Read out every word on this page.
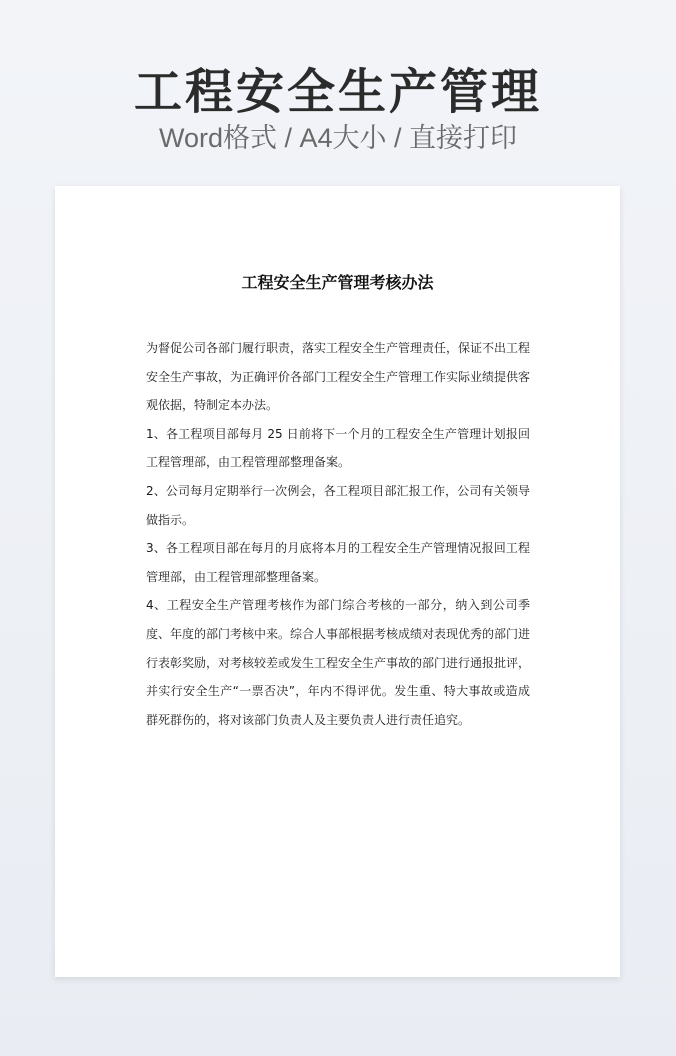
工程安全生产管理
Word格式 / A4大小 / 直接打印
工程安全生产管理考核办法

为督促公司各部门履行职责，落实工程安全生产管理责任，保证不出工程安全生产事故，为正确评价各部门工程安全生产管理工作实际业绩提供客观依据，特制定本办法。

1、各工程项目部每月 25 日前将下一个月的工程安全生产管理计划报回工程管理部，由工程管理部整理备案。

2、公司每月定期举行一次例会，各工程项目部汇报工作，公司有关领导做指示。

3、各工程项目部在每月的月底将本月的工程安全生产管理情况报回工程管理部，由工程管理部整理备案。

4、工程安全生产管理考核作为部门综合考核的一部分，纳入到公司季度、年度的部门考核中来。综合人事部根据考核成绩对表现优秀的部门进行表彰奖励，对考核较差或发生工程安全生产事故的部门进行通报批评，并实行安全生产“一票否决”，年内不得评优。发生重、特大事故或造成群死群伤的，将对该部门负责人及主要负责人进行责任追究。
